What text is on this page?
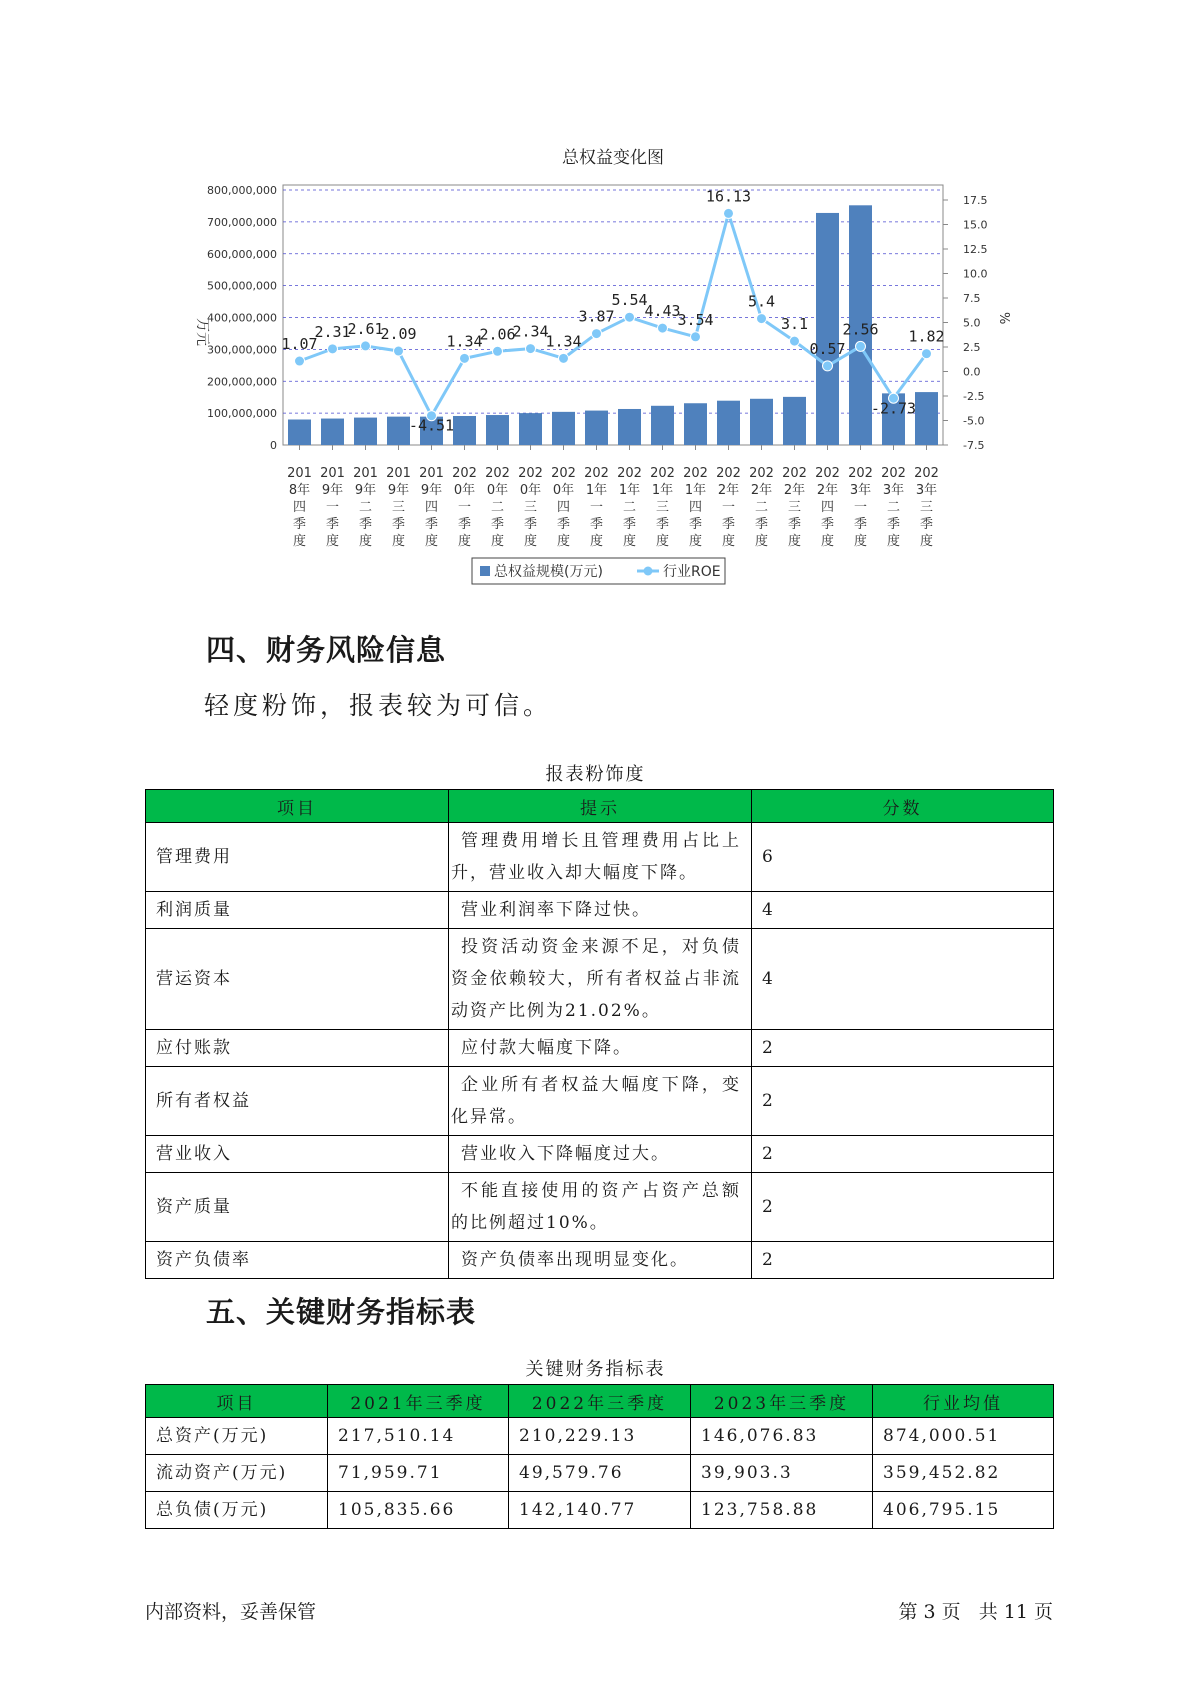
总权益变化图
0
100,000,000
200,000,000
300,000,000
400,000,000
500,000,000
600,000,000
700,000,000
800,000,000
-7.5
-5.0
-2.5
0.0
2.5
5.0
7.5
10.0
12.5
15.0
17.5
万元	%
1.07
2.31
2.61
2.09
-4.51
1.34
2.06
2.34
1.34
3.87
5.54
4.43
3.54
16.13
5.4
3.1
0.57
2.56
-2.73
1.82
201
8年
四
季
度
201
9年
一
季
度
201
9年
二
季
度
201
9年
三
季
度
201
9年
四
季
度
202
0年
一
季
度
202
0年
二
季
度
202
0年
三
季
度
202
0年
四
季
度
202
1年
一
季
度
202
1年
二
季
度
202
1年
三
季
度
202
1年
四
季
度
202
2年
一
季
度
202
2年
二
季
度
202
2年
三
季
度
202
2年
四
季
度
202
3年
一
季
度
202
3年
二
季
度
202
3年
三
季
度
总权益规模(万元)	行业ROE
四、财务风险信息
轻度粉饰，报表较为可信。
报表粉饰度
项目	提示	分数
管理费用	管理费用增长且管理费用占比上升，营业收入却大幅度下降。	6
利润质量	营业利润率下降过快。	4
营运资本	投资活动资金来源不足，对负债资金依赖较大，所有者权益占非流动资产比例为21.02%。	4
应付账款	应付款大幅度下降。	2
所有者权益	企业所有者权益大幅度下降，变化异常。	2
营业收入	营业收入下降幅度过大。	2
资产质量	不能直接使用的资产占资产总额的比例超过10%。	2
资产负债率	资产负债率出现明显变化。	2
五、关键财务指标表
关键财务指标表
项目	2021年三季度	2022年三季度	2023年三季度	行业均值
总资产(万元)	217,510.14	210,229.13	146,076.83	874,000.51
流动资产(万元)	71,959.71	49,579.76	39,903.3	359,452.82
总负债(万元)	105,835.66	142,140.77	123,758.88	406,795.15
内部资料，妥善保管	第 3 页   共 11 页
